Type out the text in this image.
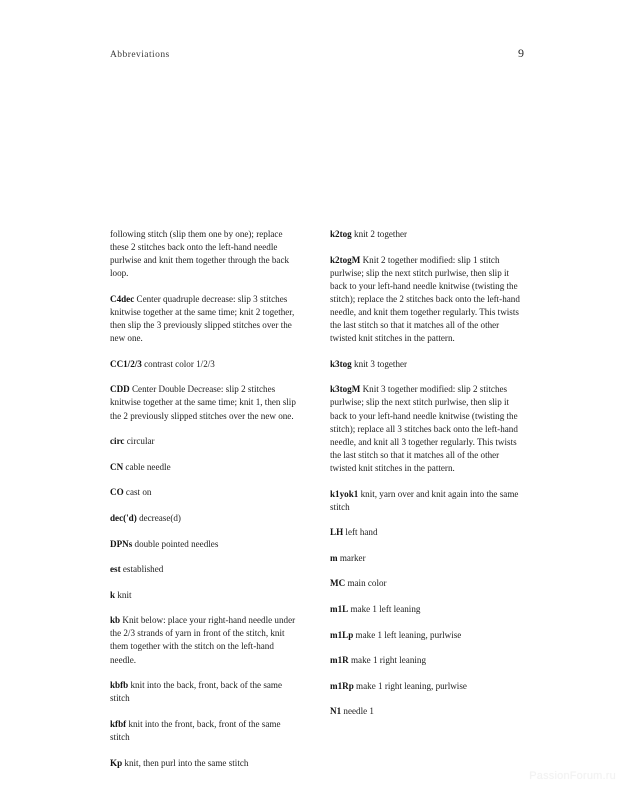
Abbreviations	9

following stitch (slip them one by one); replace these 2 stitches back onto the left-hand needle purlwise and knit them together through the back loop.

C4dec Center quadruple decrease: slip 3 stitches knitwise together at the same time; knit 2 together, then slip the 3 previously slipped stitches over the new one.

CC1/2/3 contrast color 1/2/3

CDD Center Double Decrease: slip 2 stitches knitwise together at the same time; knit 1, then slip the 2 previously slipped stitches over the new one.

circ circular

CN cable needle

CO cast on

dec('d) decrease(d)

DPNs double pointed needles

est established

k knit

kb Knit below: place your right-hand needle under the 2/3 strands of yarn in front of the stitch, knit them together with the stitch on the left-hand needle.

kbfb knit into the back, front, back of the same stitch

kfbf knit into the front, back, front of the same stitch

Kp knit, then purl into the same stitch

k2tog knit 2 together

k2togM Knit 2 together modified: slip 1 stitch purlwise; slip the next stitch purlwise, then slip it back to your left-hand needle knitwise (twisting the stitch); replace the 2 stitches back onto the left-hand needle, and knit them together regularly. This twists the last stitch so that it matches all of the other twisted knit stitches in the pattern.

k3tog knit 3 together

k3togM Knit 3 together modified: slip 2 stitches purlwise; slip the next stitch purlwise, then slip it back to your left-hand needle knitwise (twisting the stitch); replace all 3 stitches back onto the left-hand needle, and knit all 3 together regularly. This twists the last stitch so that it matches all of the other twisted knit stitches in the pattern.

k1yok1 knit, yarn over and knit again into the same stitch

LH left hand

m marker

MC main color

m1L make 1 left leaning

m1Lp make 1 left leaning, purlwise

m1R make 1 right leaning

m1Rp make 1 right leaning, purlwise

N1 needle 1

PassionForum.ru
